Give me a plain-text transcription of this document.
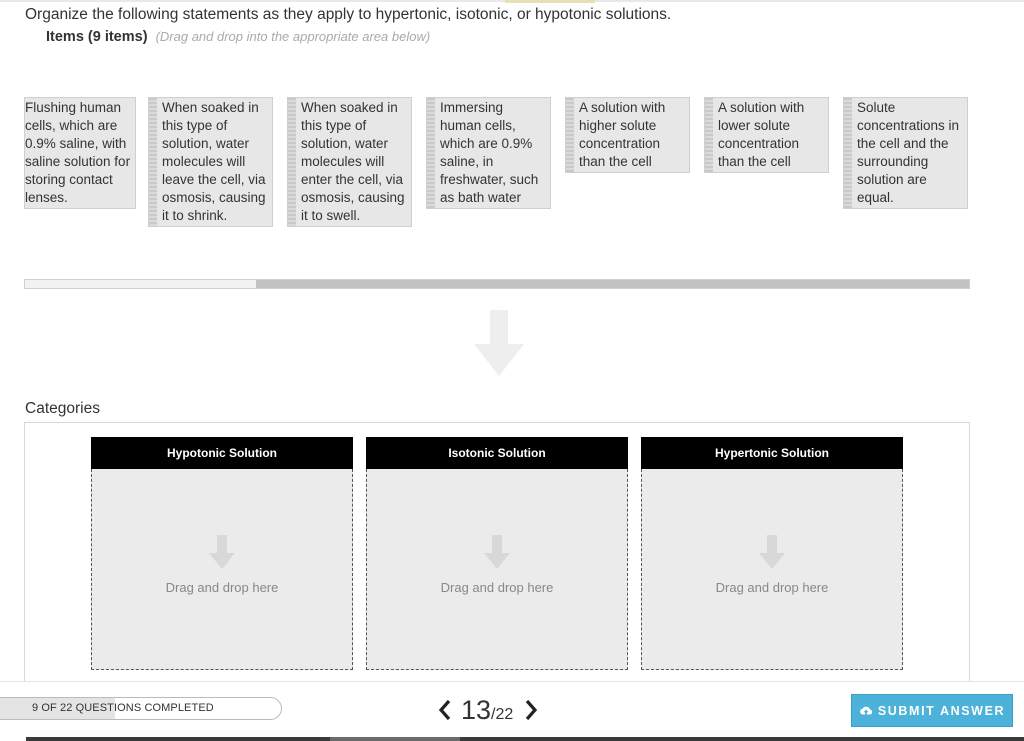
Organize the following statements as they apply to hypertonic, isotonic, or hypotonic solutions.
Items (9 items) (Drag and drop into the appropriate area below)
Flushing human cells, which are 0.9% saline, with saline solution for storing contact lenses.
When soaked in this type of solution, water molecules will leave the cell, via osmosis, causing it to shrink.
When soaked in this type of solution, water molecules will enter the cell, via osmosis, causing it to swell.
Immersing human cells, which are 0.9% saline, in freshwater, such as bath water
A solution with higher solute concentration than the cell
A solution with lower solute concentration than the cell
Solute concentrations in the cell and the surrounding solution are equal.
Categories
Hypotonic Solution
Drag and drop here
Isotonic Solution
Drag and drop here
Hypertonic Solution
Drag and drop here
9 OF 22 QUESTIONS COMPLETED	13 /22	SUBMIT ANSWER
